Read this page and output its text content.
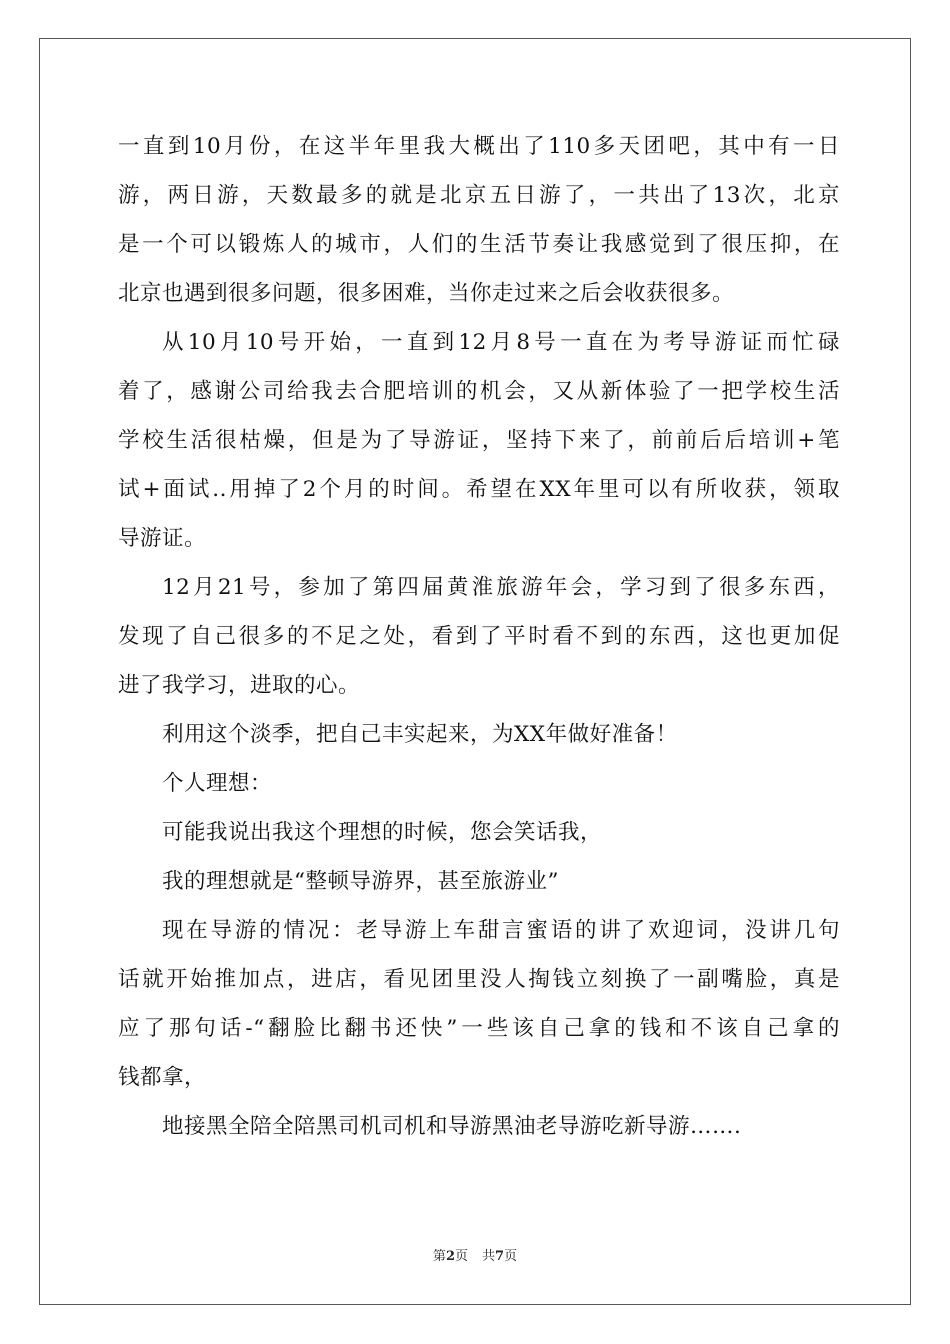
一直到10月份，在这半年里我大概出了110多天团吧，其中有一日
游，两日游，天数最多的就是北京五日游了，一共出了13次，北京
是一个可以锻炼人的城市，人们的生活节奏让我感觉到了很压抑，在
北京也遇到很多问题，很多困难，当你走过来之后会收获很多。
从10月10号开始，一直到12月8号一直在为考导游证而忙碌
着了，感谢公司给我去合肥培训的机会，又从新体验了一把学校生活
学校生活很枯燥，但是为了导游证，坚持下来了，前前后后培训+笔
试+面试..用掉了2个月的时间。希望在XX年里可以有所收获，领取
导游证。
12月21号，参加了第四届黄淮旅游年会，学习到了很多东西，
发现了自己很多的不足之处，看到了平时看不到的东西，这也更加促
进了我学习，进取的心。
利用这个淡季，把自己丰实起来，为XX年做好准备！
个人理想：
可能我说出我这个理想的时候，您会笑话我，
我的理想就是“整顿导游界，甚至旅游业”
现在导游的情况：老导游上车甜言蜜语的讲了欢迎词，没讲几句
话就开始推加点，进店，看见团里没人掏钱立刻换了一副嘴脸，真是
应了那句话-“翻脸比翻书还快”一些该自己拿的钱和不该自己拿的
钱都拿，
地接黑全陪全陪黑司机司机和导游黑油老导游吃新导游…….
第2页 共7页
